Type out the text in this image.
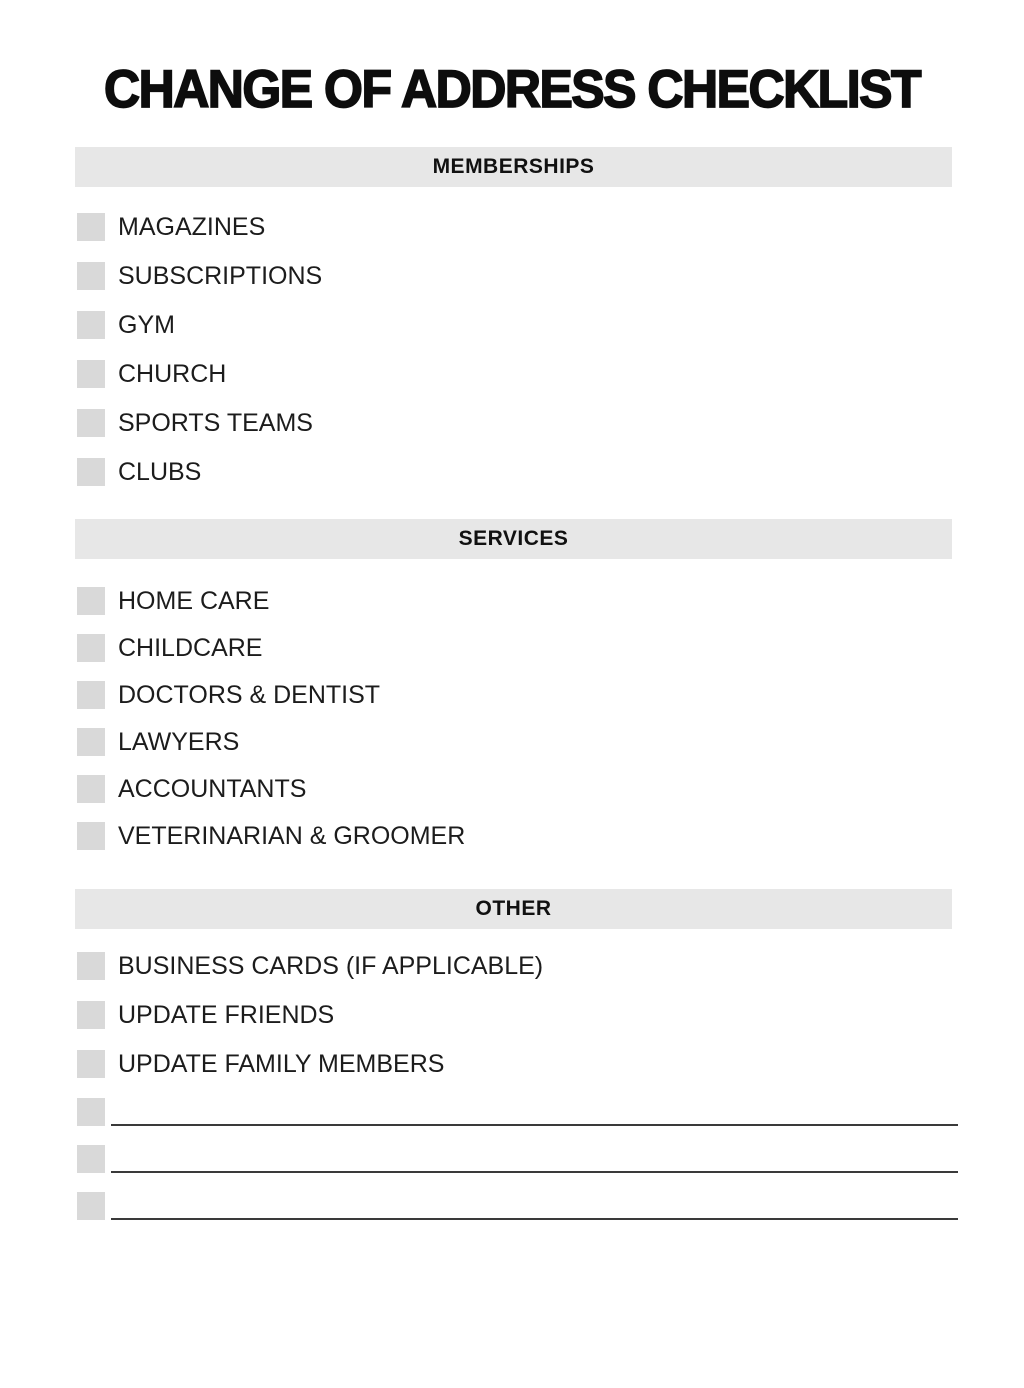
CHANGE OF ADDRESS CHECKLIST
MEMBERSHIPS
MAGAZINES
SUBSCRIPTIONS
GYM
CHURCH
SPORTS TEAMS
CLUBS
SERVICES
HOME CARE
CHILDCARE
DOCTORS & DENTIST
LAWYERS
ACCOUNTANTS
VETERINARIAN & GROOMER
OTHER
BUSINESS CARDS (IF APPLICABLE)
UPDATE FRIENDS
UPDATE FAMILY MEMBERS
